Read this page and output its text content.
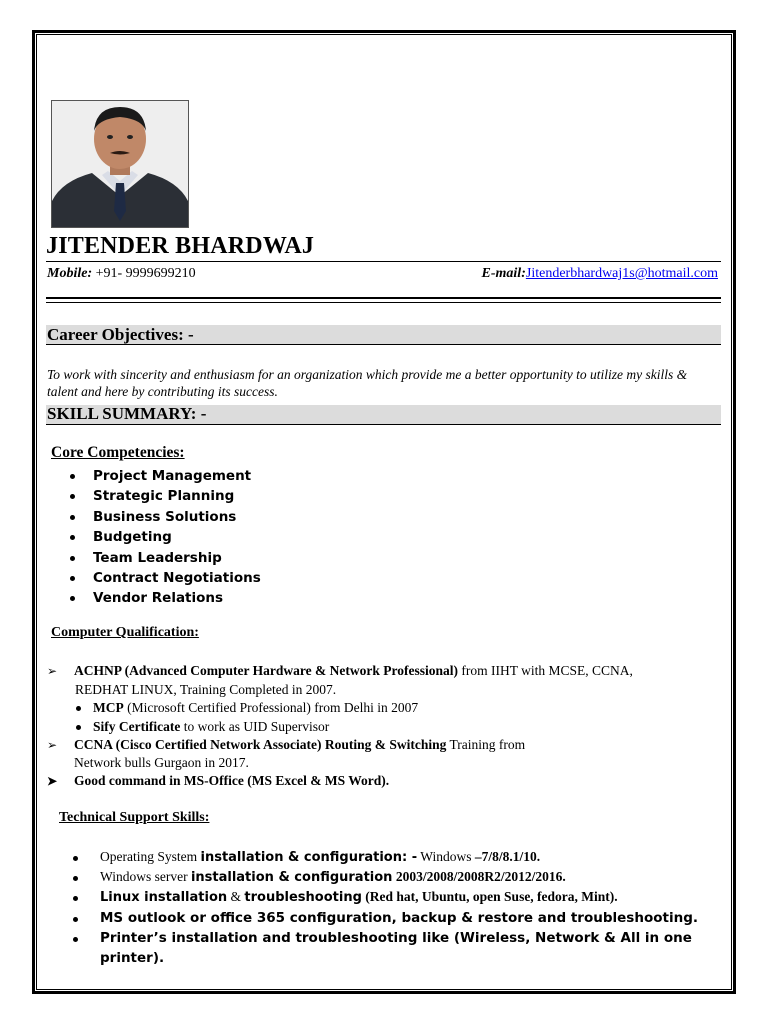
JITENDER BHARDWAJ
Mobile: +91- 9999699210	E-mail:Jitenderbhardwaj1s@hotmail.com
Career Objectives: -
To work with sincerity and enthusiasm for an organization which provide me a better opportunity to utilize my skills & talent and here by contributing its success.
SKILL SUMMARY: -
Core Competencies:
Project Management
Strategic Planning
Business Solutions
Budgeting
Team Leadership
Contract Negotiations
Vendor Relations
Computer Qualification:
➢ ACHNP (Advanced Computer Hardware & Network Professional) from IIHT with MCSE, CCNA,
REDHAT LINUX, Training Completed in 2007.
MCP (Microsoft Certified Professional) from Delhi in 2007
Sify Certificate to work as UID Supervisor
➢ CCNA (Cisco Certified Network Associate) Routing & Switching Training from
Network bulls Gurgaon in 2017.
➤ Good command in MS-Office (MS Excel & MS Word).
Technical Support Skills:
Operating System installation & configuration: - Windows –7/8/8.1/10.
Windows server installation & configuration 2003/2008/2008R2/2012/2016.
Linux installation & troubleshooting (Red hat, Ubuntu, open Suse, fedora, Mint).
MS outlook or office 365 configuration, backup & restore and troubleshooting.
Printer’s installation and troubleshooting like (Wireless, Network & All in one
printer).
